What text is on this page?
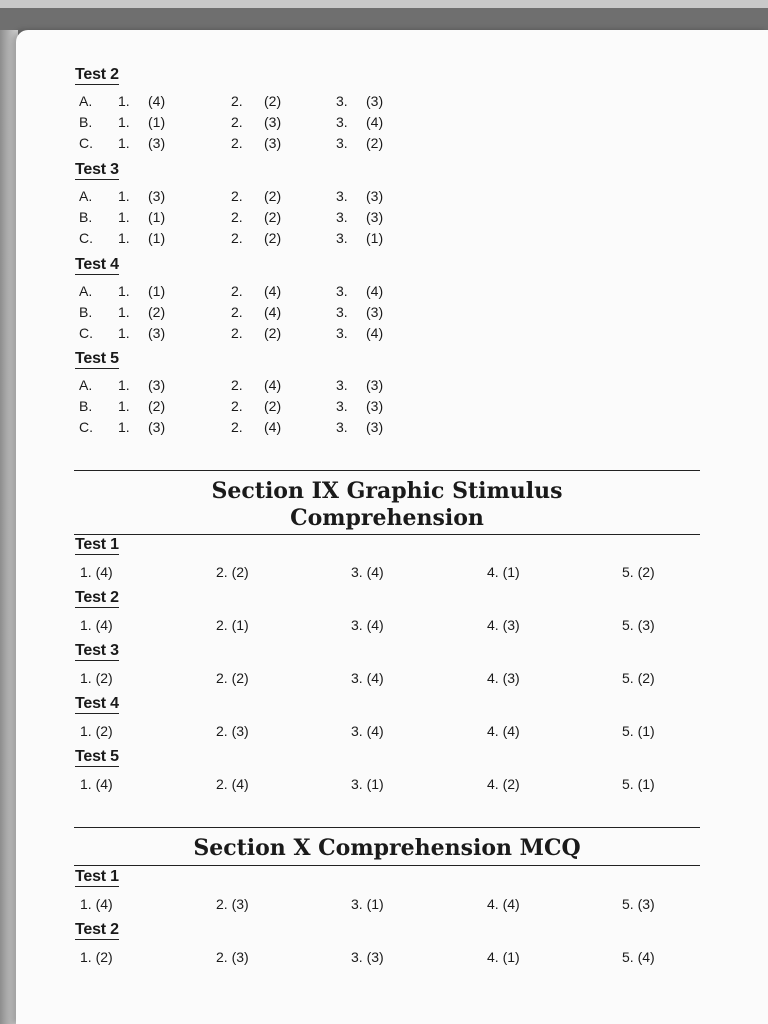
Test 2
A. 1. (4)	2. (2)	3. (3)
B. 1. (1)	2. (3)	3. (4)
C. 1. (3)	2. (3)	3. (2)
Test 3
A. 1. (3)	2. (2)	3. (3)
B. 1. (1)	2. (2)	3. (3)
C. 1. (1)	2. (2)	3. (1)
Test 4
A. 1. (1)	2. (4)	3. (4)
B. 1. (2)	2. (4)	3. (3)
C. 1. (3)	2. (2)	3. (4)
Test 5
A. 1. (3)	2. (4)	3. (3)
B. 1. (2)	2. (2)	3. (3)
C. 1. (3)	2. (4)	3. (3)
Section IX Graphic Stimulus
Comprehension
Test 1
1. (4)	2. (2)	3. (4)	4. (1)	5. (2)
Test 2
1. (4)	2. (1)	3. (4)	4. (3)	5. (3)
Test 3
1. (2)	2. (2)	3. (4)	4. (3)	5. (2)
Test 4
1. (2)	2. (3)	3. (4)	4. (4)	5. (1)
Test 5
1. (4)	2. (4)	3. (1)	4. (2)	5. (1)
Section X Comprehension MCQ
Test 1
1. (4)	2. (3)	3. (1)	4. (4)	5. (3)
Test 2
1. (2)	2. (3)	3. (3)	4. (1)	5. (4)
